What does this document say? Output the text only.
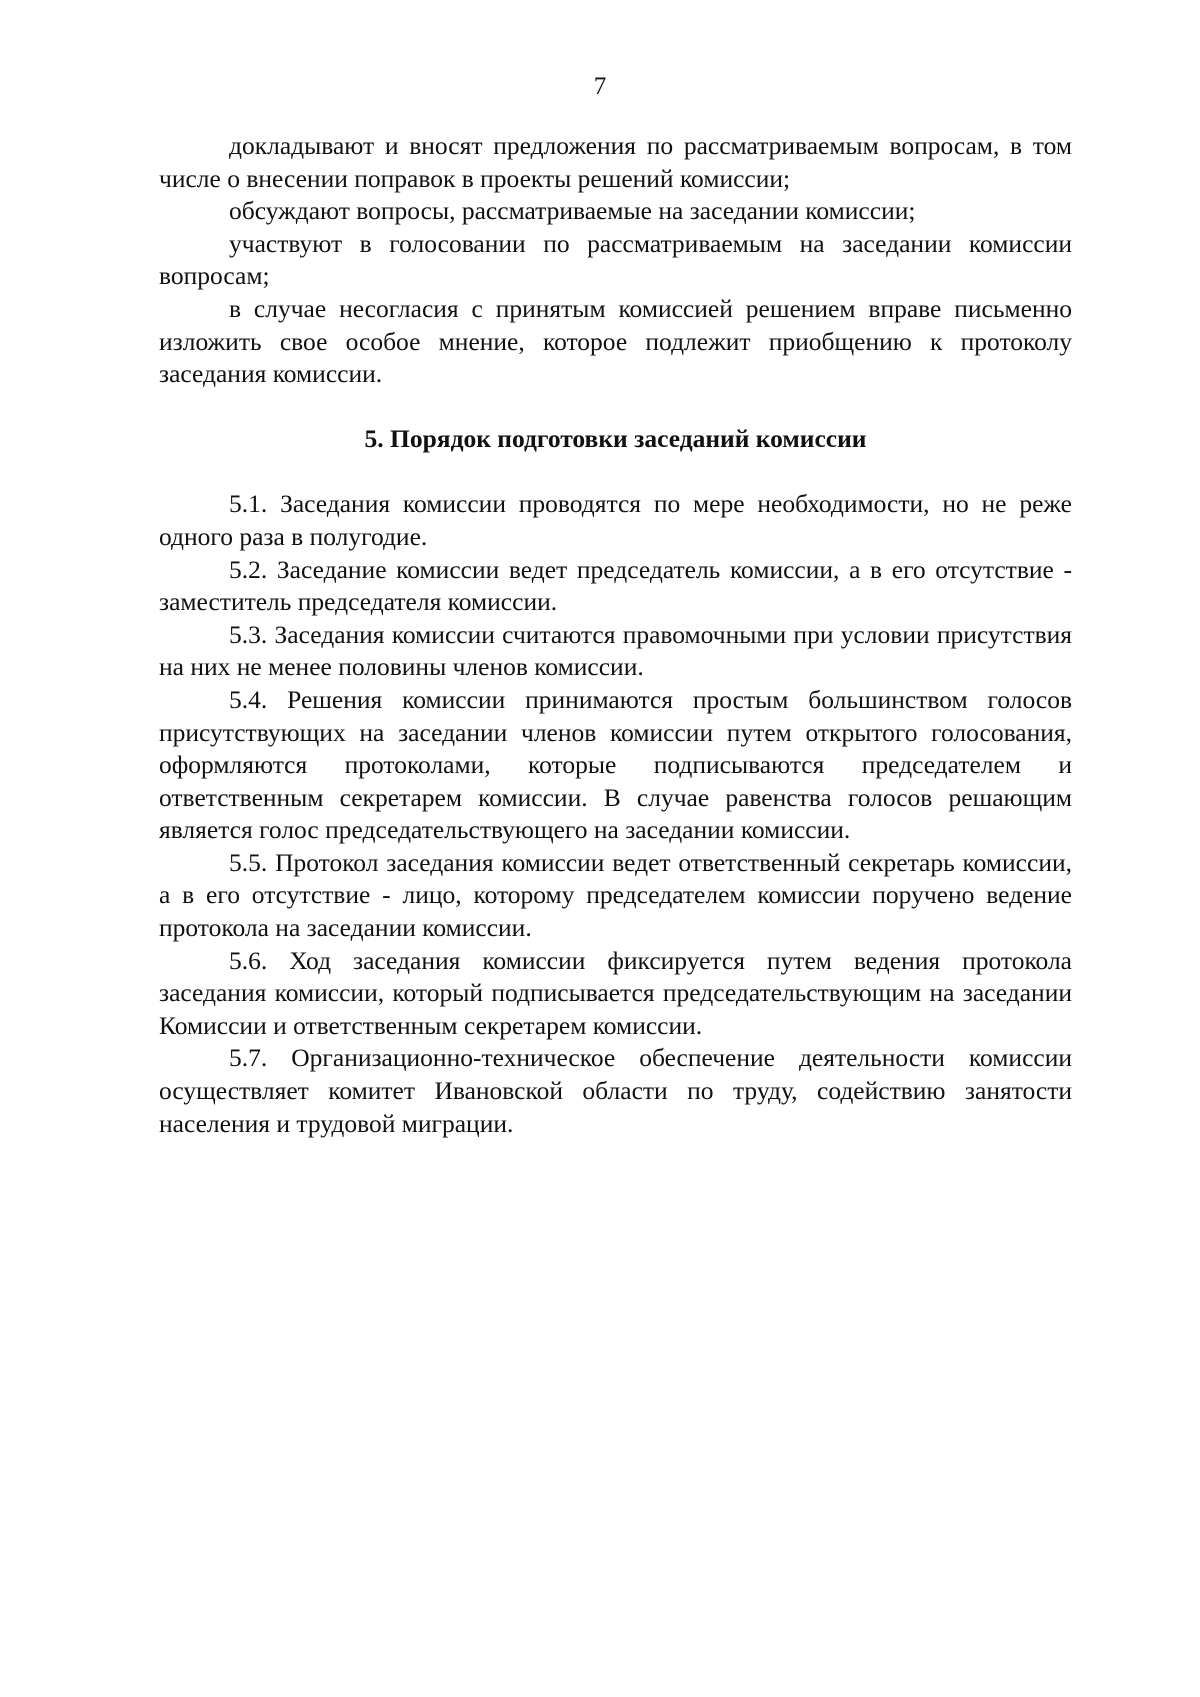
7

докладывают и вносят предложения по рассматриваемым вопросам, в том числе о внесении поправок в проекты решений комиссии;

обсуждают вопросы, рассматриваемые на заседании комиссии;

участвуют в голосовании по рассматриваемым на заседании комиссии вопросам;

в случае несогласия с принятым комиссией решением вправе письменно изложить свое особое мнение, которое подлежит приобщению к протоколу заседания комиссии.

5. Порядок подготовки заседаний комиссии

5.1. Заседания комиссии проводятся по мере необходимости, но не реже одного раза в полугодие.

5.2. Заседание комиссии ведет председатель комиссии, а в его отсутствие - заместитель председателя комиссии.

5.3. Заседания комиссии считаются правомочными при условии присутствия на них не менее половины членов комиссии.

5.4. Решения комиссии принимаются простым большинством голосов присутствующих на заседании членов комиссии путем открытого голосования, оформляются протоколами, которые подписываются председателем и ответственным секретарем комиссии. В случае равенства голосов решающим является голос председательствующего на заседании комиссии.

5.5. Протокол заседания комиссии ведет ответственный секретарь комиссии, а в его отсутствие - лицо, которому председателем комиссии поручено ведение протокола на заседании комиссии.

5.6. Ход заседания комиссии фиксируется путем ведения протокола заседания комиссии, который подписывается председательствующим на заседании Комиссии и ответственным секретарем комиссии.

5.7. Организационно-техническое обеспечение деятельности комиссии осуществляет комитет Ивановской области по труду, содействию занятости населения и трудовой миграции.
